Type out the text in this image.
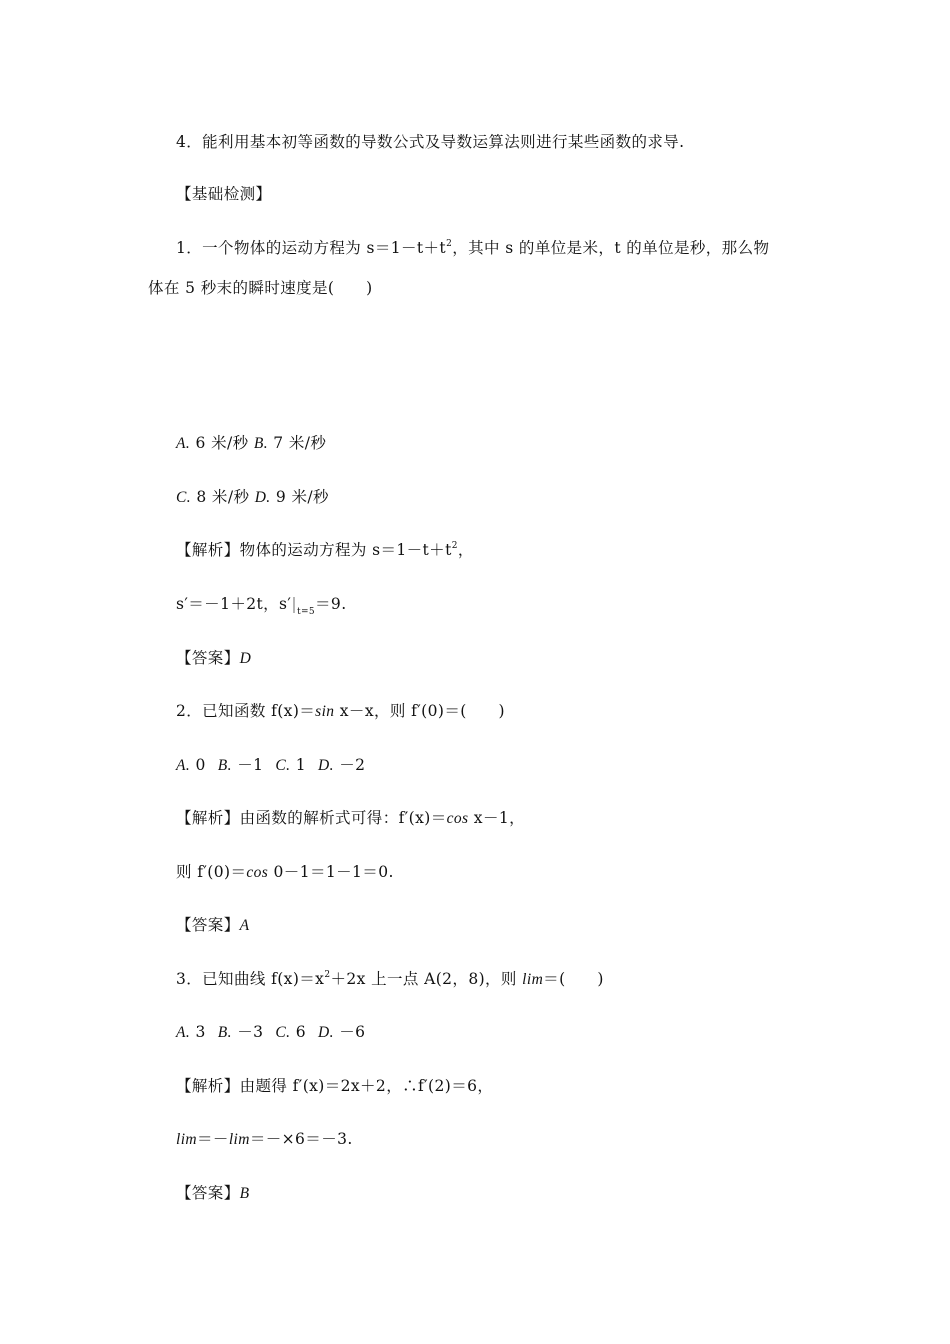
4．能利用基本初等函数的导数公式及导数运算法则进行某些函数的求导.
【基础检测】
1．一个物体的运动方程为 $s=1-t+t^2$，其中 s 的单位是米，t 的单位是秒，那么物
体在 5 秒末的瞬时速度是(　　)
A. 6 米/秒 B. 7 米/秒
C. 8 米/秒 D. 9 米/秒
【解析】物体的运动方程为 $s=1-t+t^2$，
s′＝－1＋2t，$s'|_{t=5}=9$.
【答案】D
2．已知函数 f(x)＝sin x－x，则 f′(0)＝(　　)
A. 0 B. －1 C. 1 D. －2
【解析】由函数的解析式可得：f′(x)＝cos x－1，
则 f′(0)＝cos 0－1＝1－1＝0.
【答案】A
3．已知曲线 $f(x)=x^2+2x$ 上一点 A(2，8)，则 lim＝(　　)
A. 3 B. －3 C. 6 D. －6
【解析】由题得 f′(x)＝2x＋2，∴f′(2)＝6，
lim＝－lim＝－×6＝－3.
【答案】B
